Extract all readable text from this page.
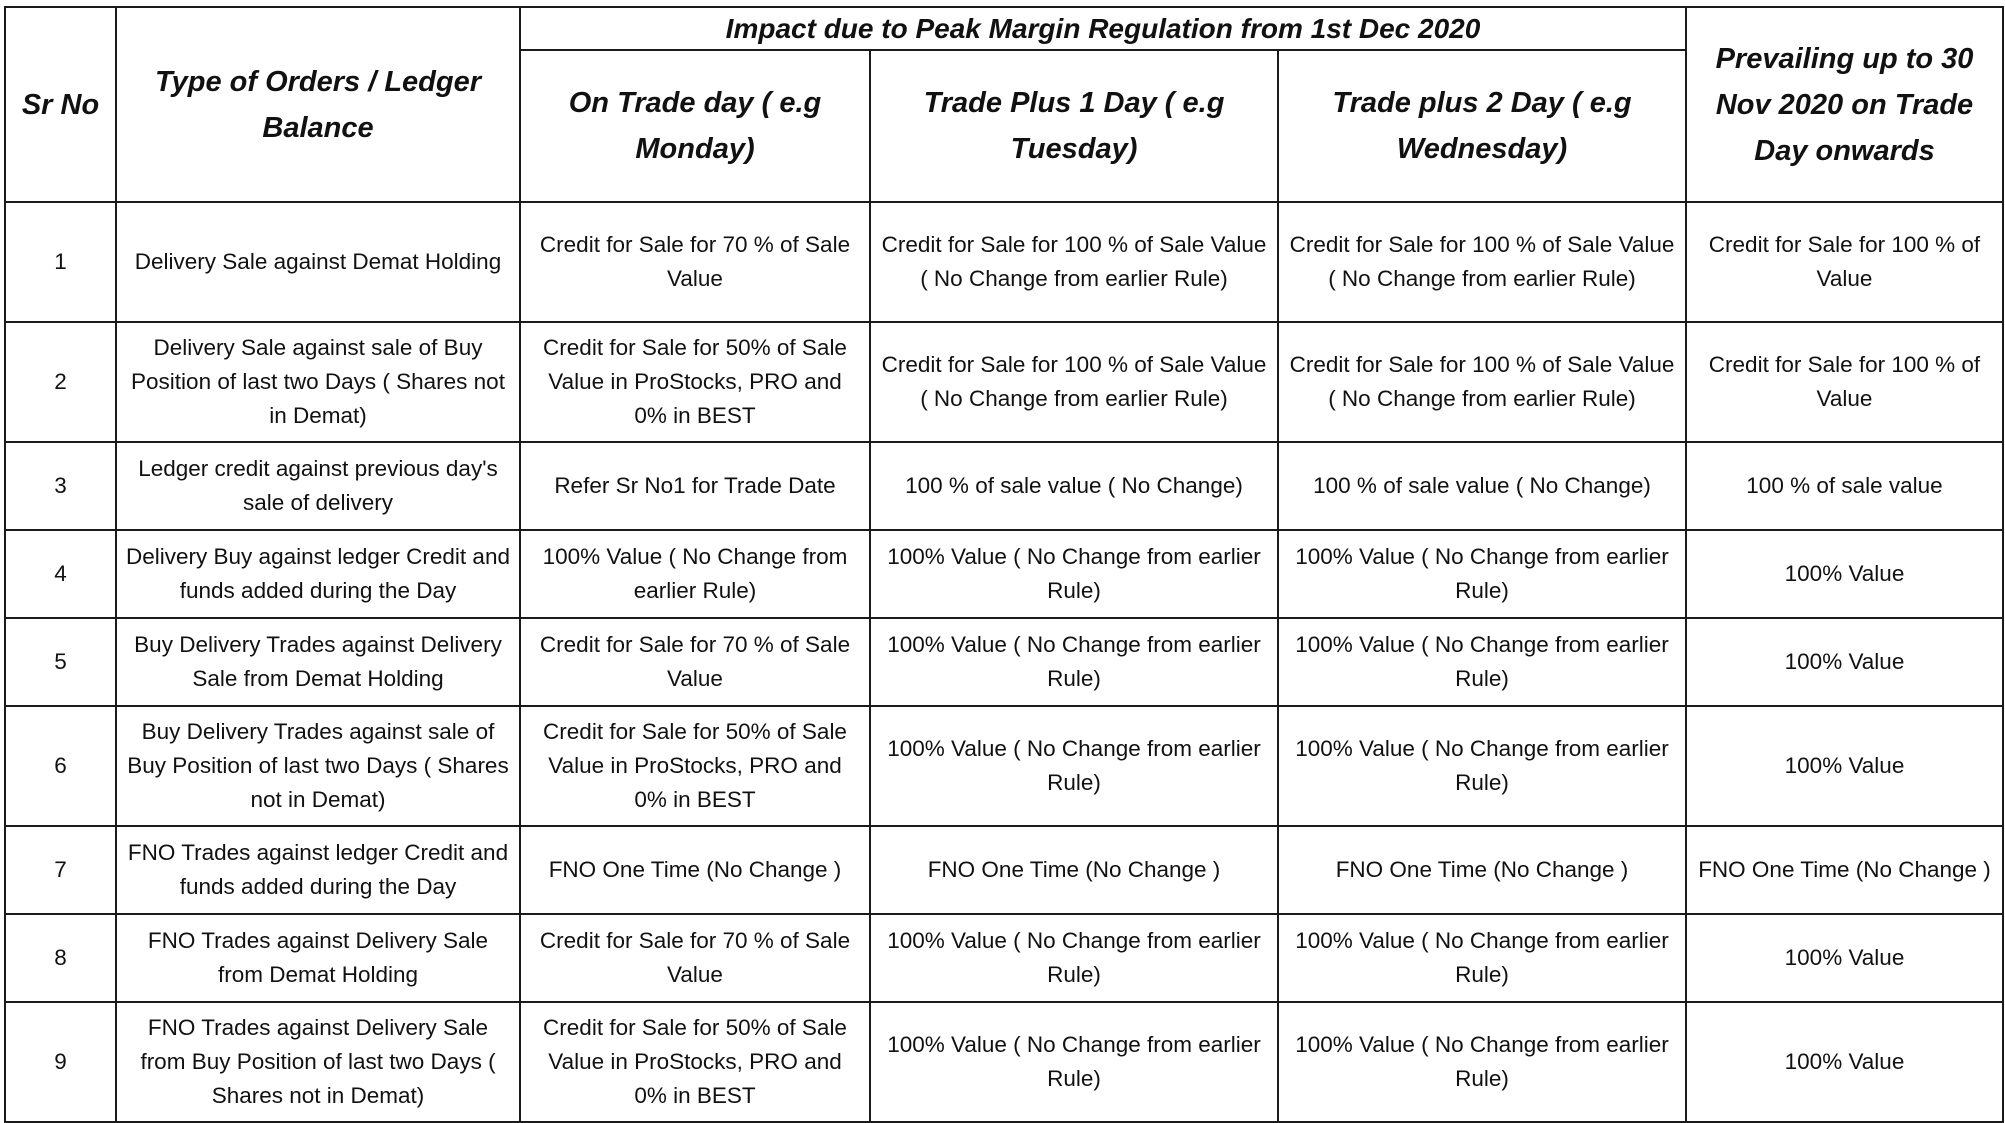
Sr No	Type of Orders / Ledger Balance	Impact due to Peak Margin Regulation from 1st Dec 2020			Prevailing up to 30 Nov 2020 on Trade Day onwards
		On Trade day ( e.g Monday)	Trade Plus 1 Day ( e.g Tuesday)	Trade plus 2 Day ( e.g Wednesday)	
1	Delivery Sale against Demat Holding	Credit for Sale for 70 % of Sale Value	Credit for Sale for 100 % of Sale Value ( No Change from earlier Rule)	Credit for Sale for 100 % of Sale Value ( No Change from earlier Rule)	Credit for Sale for 100 % of Value
2	Delivery Sale against sale of Buy Position of last two Days ( Shares not in Demat)	Credit for Sale for 50% of Sale Value in ProStocks, PRO and 0% in BEST	Credit for Sale for 100 % of Sale Value ( No Change from earlier Rule)	Credit for Sale for 100 % of Sale Value ( No Change from earlier Rule)	Credit for Sale for 100 % of Value
3	Ledger credit against previous day's sale of delivery	Refer Sr No1 for Trade Date	100 % of sale value ( No Change)	100 % of sale value ( No Change)	100 % of sale value
4	Delivery Buy against ledger Credit and funds added during the Day	100% Value ( No Change from earlier Rule)	100% Value ( No Change from earlier Rule)	100% Value ( No Change from earlier Rule)	100% Value
5	Buy Delivery Trades against Delivery Sale from Demat Holding	Credit for Sale for 70 % of Sale Value	100% Value ( No Change from earlier Rule)	100% Value ( No Change from earlier Rule)	100% Value
6	Buy Delivery Trades against sale of Buy Position of last two Days ( Shares not in Demat)	Credit for Sale for 50% of Sale Value in ProStocks, PRO and 0% in BEST	100% Value ( No Change from earlier Rule)	100% Value ( No Change from earlier Rule)	100% Value
7	FNO Trades against ledger Credit and funds added during the Day	FNO One Time (No Change )	FNO One Time (No Change )	FNO One Time (No Change )	FNO One Time (No Change )
8	FNO Trades against Delivery Sale from Demat Holding	Credit for Sale for 70 % of Sale Value	100% Value ( No Change from earlier Rule)	100% Value ( No Change from earlier Rule)	100% Value
9	FNO Trades against Delivery Sale from Buy Position of last two Days ( Shares not in Demat)	Credit for Sale for 50% of Sale Value in ProStocks, PRO and 0% in BEST	100% Value ( No Change from earlier Rule)	100% Value ( No Change from earlier Rule)	100% Value
